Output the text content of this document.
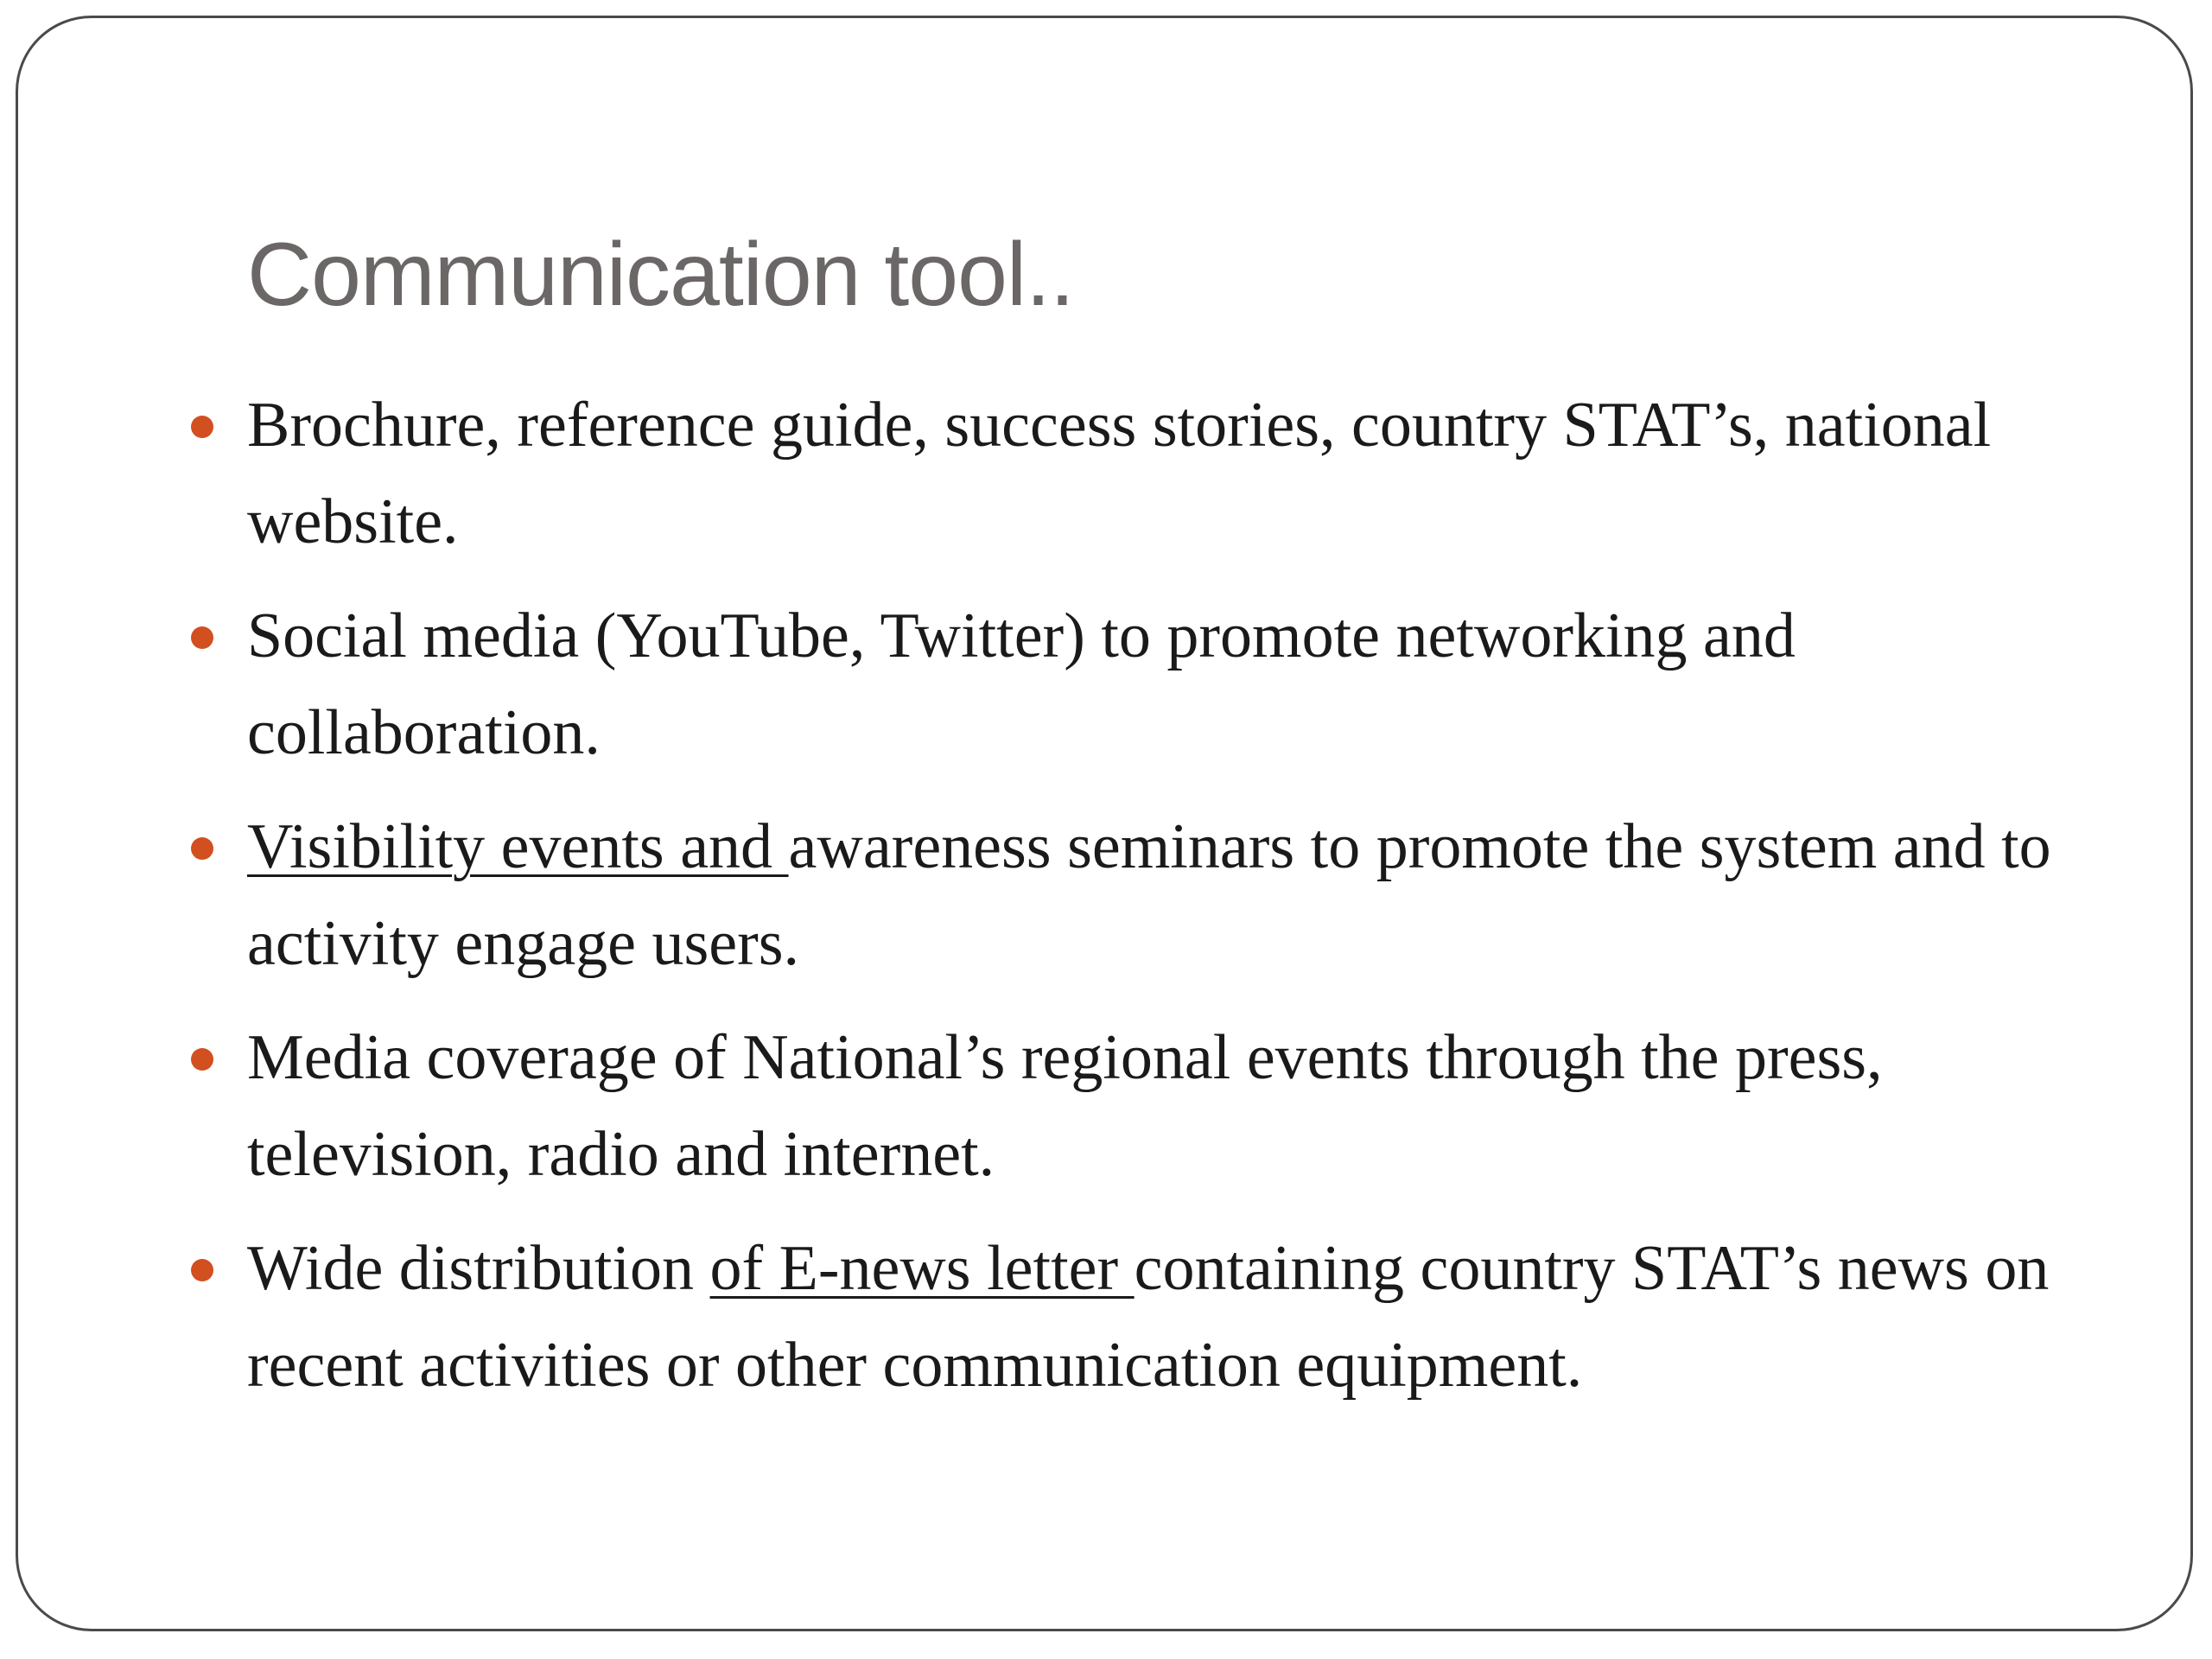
Communication tool..
Brochure, reference guide, success stories, country STAT’s, national website.
Social media (YouTube, Twitter) to promote networking and collaboration.
Visibility events and awareness seminars to promote the system and to activity engage users.
Media coverage of National’s regional events through the press, television, radio and internet.
Wide distribution of E-news letter containing country STAT’s news on recent activities or other communication equipment.
